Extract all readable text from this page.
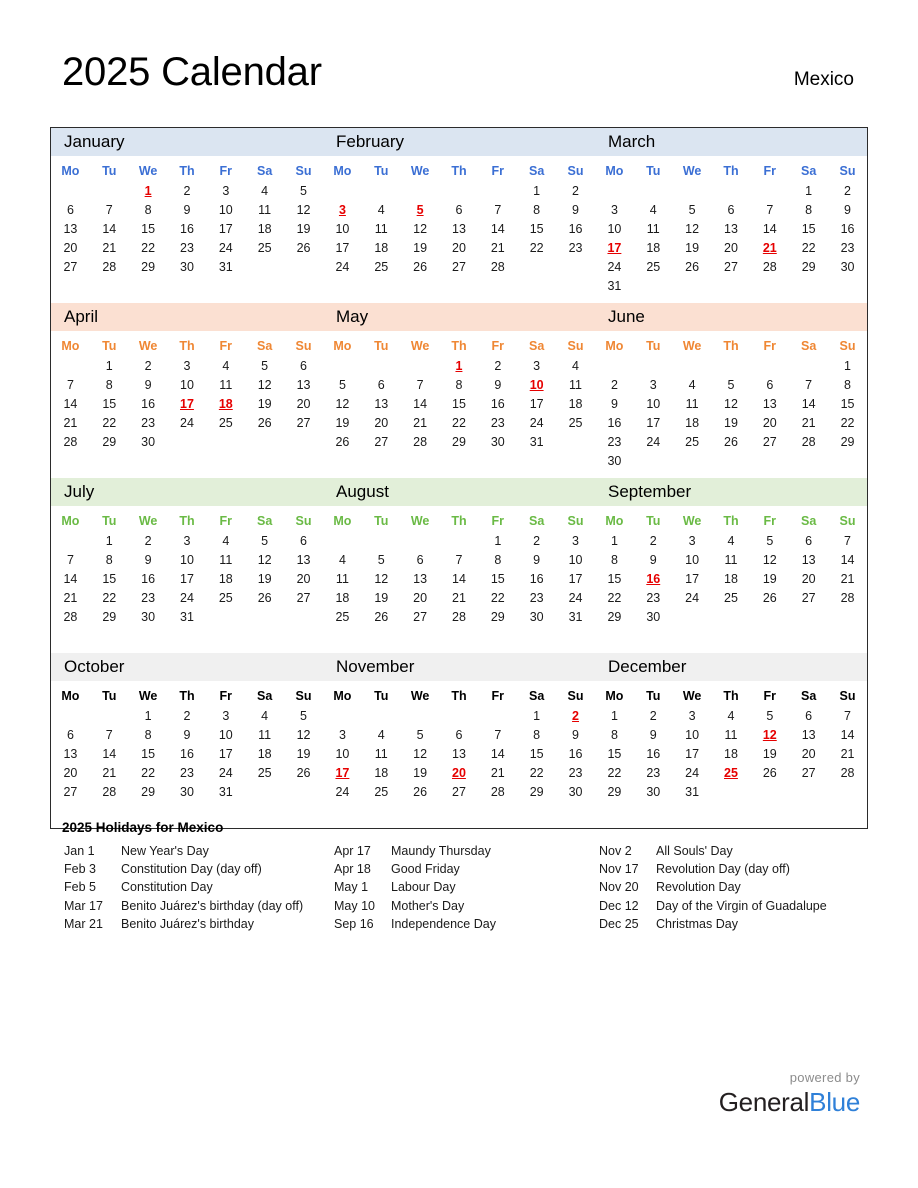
2025 Calendar	Mexico
January	February	March
Mo	Tu	We	Th	Fr	Sa	Su
		1	2	3	4	5
6	7	8	9	10	11	12
13	14	15	16	17	18	19
20	21	22	23	24	25	26
27	28	29	30	31		

Mo	Tu	We	Th	Fr	Sa	Su
					1	2
3	4	5	6	7	8	9
10	11	12	13	14	15	16
17	18	19	20	21	22	23
24	25	26	27	28		

Mo	Tu	We	Th	Fr	Sa	Su
					1	2
3	4	5	6	7	8	9
10	11	12	13	14	15	16
17	18	19	20	21	22	23
24	25	26	27	28	29	30
31						
April	May	June
Mo	Tu	We	Th	Fr	Sa	Su
	1	2	3	4	5	6
7	8	9	10	11	12	13
14	15	16	17	18	19	20
21	22	23	24	25	26	27
28	29	30				

Mo	Tu	We	Th	Fr	Sa	Su
			1	2	3	4
5	6	7	8	9	10	11
12	13	14	15	16	17	18
19	20	21	22	23	24	25
26	27	28	29	30	31	

Mo	Tu	We	Th	Fr	Sa	Su
						1
2	3	4	5	6	7	8
9	10	11	12	13	14	15
16	17	18	19	20	21	22
23	24	25	26	27	28	29
30						
July	August	September
Mo	Tu	We	Th	Fr	Sa	Su
	1	2	3	4	5	6
7	8	9	10	11	12	13
14	15	16	17	18	19	20
21	22	23	24	25	26	27
28	29	30	31			

Mo	Tu	We	Th	Fr	Sa	Su
				1	2	3
4	5	6	7	8	9	10
11	12	13	14	15	16	17
18	19	20	21	22	23	24
25	26	27	28	29	30	31

Mo	Tu	We	Th	Fr	Sa	Su
1	2	3	4	5	6	7
8	9	10	11	12	13	14
15	16	17	18	19	20	21
22	23	24	25	26	27	28
29	30					

October	November	December
Mo	Tu	We	Th	Fr	Sa	Su
		1	2	3	4	5
6	7	8	9	10	11	12
13	14	15	16	17	18	19
20	21	22	23	24	25	26
27	28	29	30	31		

Mo	Tu	We	Th	Fr	Sa	Su
					1	2
3	4	5	6	7	8	9
10	11	12	13	14	15	16
17	18	19	20	21	22	23
24	25	26	27	28	29	30

Mo	Tu	We	Th	Fr	Sa	Su
1	2	3	4	5	6	7
8	9	10	11	12	13	14
15	16	17	18	19	20	21
22	23	24	25	26	27	28
29	30	31				

2025 Holidays for Mexico
Jan 1	New Year's Day
Feb 3	Constitution Day (day off)
Feb 5	Constitution Day
Mar 17	Benito Juárez's birthday (day off)
Mar 21	Benito Juárez's birthday
Apr 17	Maundy Thursday
Apr 18	Good Friday
May 1	Labour Day
May 10	Mother's Day
Sep 16	Independence Day
Nov 2	All Souls' Day
Nov 17	Revolution Day (day off)
Nov 20	Revolution Day
Dec 12	Day of the Virgin of Guadalupe
Dec 25	Christmas Day
powered by
GeneralBlue
